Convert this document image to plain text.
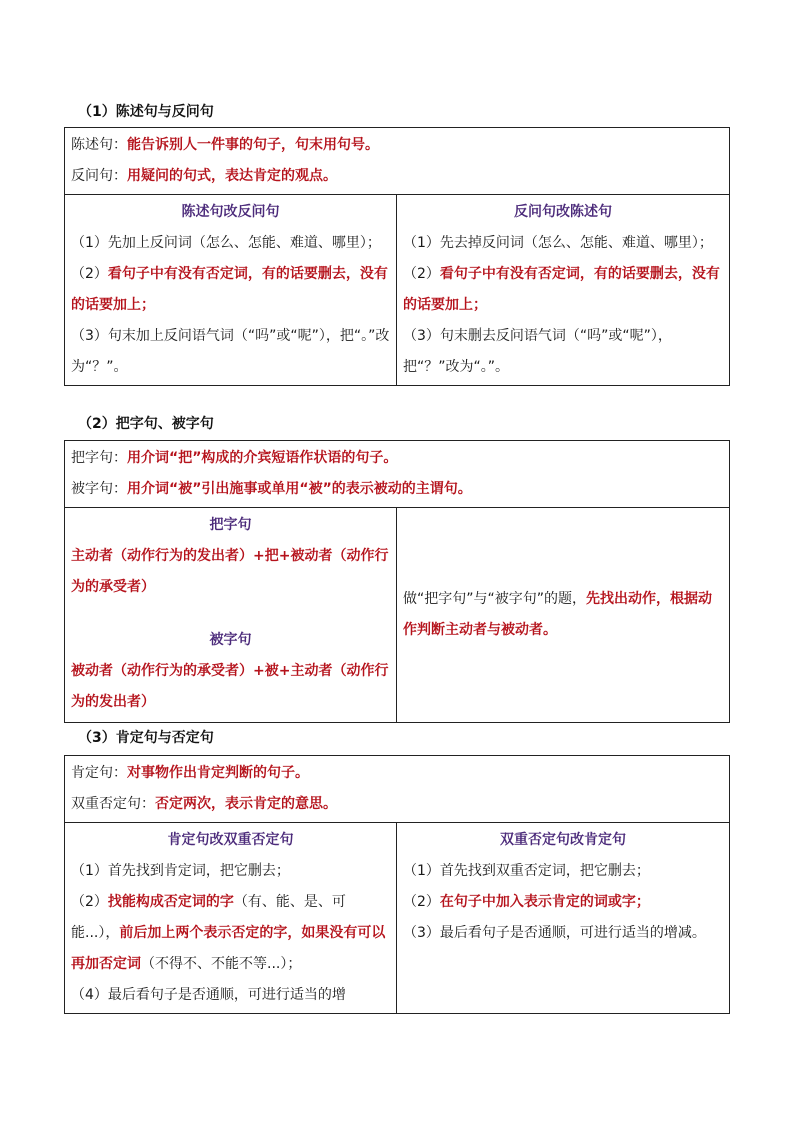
（1）陈述句与反问句
陈述句：能告诉别人一件事的句子，句末用句号。
反问句：用疑问的句式，表达肯定的观点。

陈述句改反问句
（1）先加上反问词（怎么、怎能、难道、哪里）；
（2）看句子中有没有否定词，有的话要删去，没有的话要加上；
（3）句末加上反问语气词（“吗”或“呢”），把“。”改为“？”。

反问句改陈述句
（1）先去掉反问词（怎么、怎能、难道、哪里）；
（2）看句子中有没有否定词，有的话要删去，没有的话要加上；
（3）句末删去反问语气词（“吗”或“呢”），把“？”改为“。”。
（2）把字句、被字句
把字句：用介词“把”构成的介宾短语作状语的句子。
被字句：用介词“被”引出施事或单用“被”的表示被动的主谓句。

把字句
主动者（动作行为的发出者）+把+被动者（动作行为的承受者）
被字句
被动者（动作行为的承受者）+被+主动者（动作行为的发出者）

做“把字句”与“被字句”的题，先找出动作，根据动作判断主动者与被动者。
（3）肯定句与否定句
肯定句：对事物作出肯定判断的句子。
双重否定句：否定两次，表示肯定的意思。

肯定句改双重否定句
（1）首先找到肯定词，把它删去；
（2）找能构成否定词的字（有、能、是、可能...），前后加上两个表示否定的字，如果没有可以再加否定词（不得不、不能不等...）；
（4）最后看句子是否通顺，可进行适当的增

双重否定句改肯定句
（1）首先找到双重否定词，把它删去；
（2）在句子中加入表示肯定的词或字；
（3）最后看句子是否通顺，可进行适当的增减。
